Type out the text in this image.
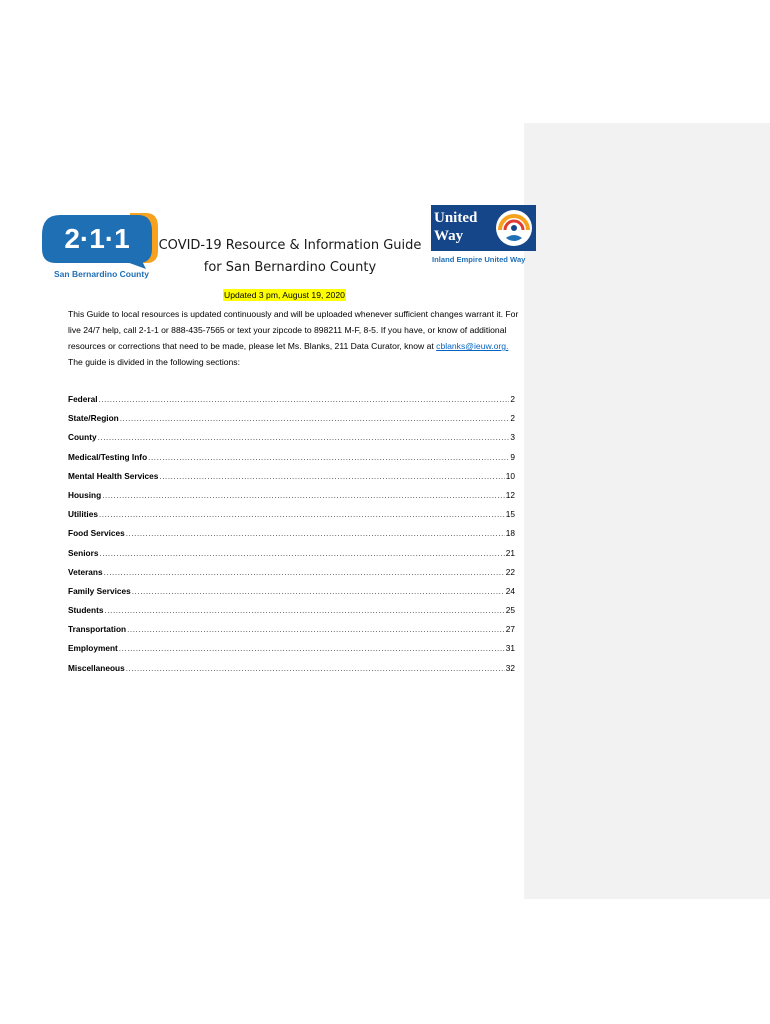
2·1·1
San Bernardino County
COVID-19 Resource & Information Guide
for San Bernardino County
United
Way
Inland Empire United Way
Updated 3 pm, August 19, 2020

This Guide to local resources is updated continuously and will be uploaded whenever sufficient changes warrant it. For live 24/7 help, call 2-1-1 or 888-435-7565 or text your zipcode to 898211 M-F, 8-5. If you have, or know of additional resources or corrections that need to be made, please let Ms. Blanks, 211 Data Curator, know at cblanks@ieuw.org. The guide is divided in the following sections:

Federal .....	2
State/Region .....	2
County .....	3
Medical/Testing Info .....	9
Mental Health Services .....	10
Housing .....	12
Utilities .....	15
Food Services .....	18
Seniors .....	21
Veterans .....	22
Family Services .....	24
Students .....	25
Transportation .....	27
Employment .....	31
Miscellaneous .....	32
